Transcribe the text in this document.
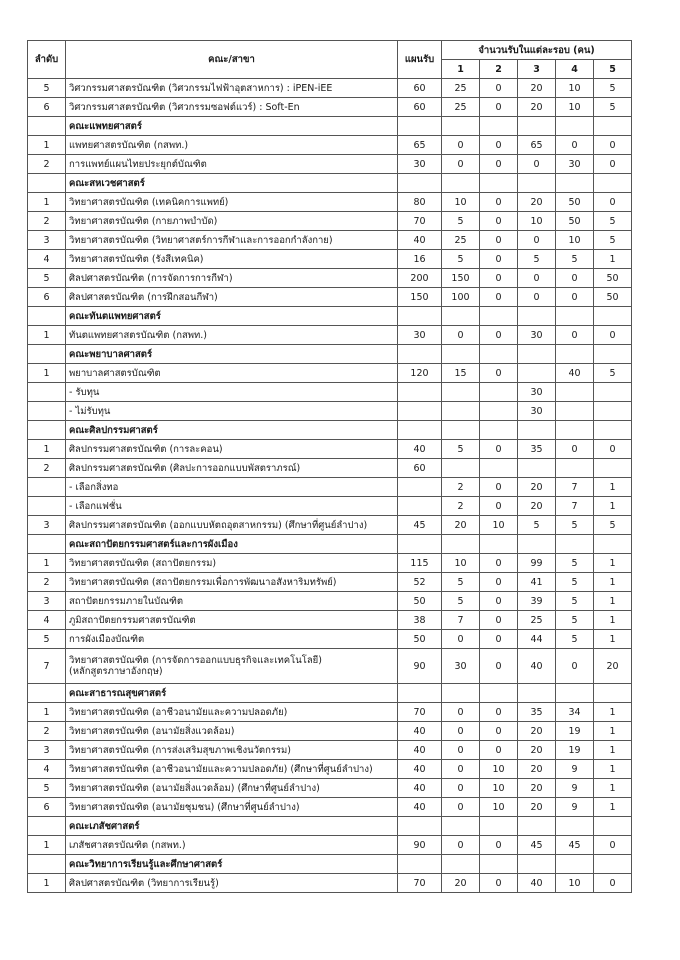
ลำดับ	คณะ/สาขา	แผนรับ	จำนวนรับในแต่ละรอบ (คน)				
			1	2	3	4	5
5	วิศวกรรมศาสตรบัณฑิต (วิศวกรรมไฟฟ้าอุตสาหการ) : iPEN-iEE	60	25	0	20	10	5
6	วิศวกรรมศาสตรบัณฑิต (วิศวกรรมซอฟต์แวร์) : Soft-En	60	25	0	20	10	5
	คณะแพทยศาสตร์						
1	แพทยศาสตรบัณฑิต (กสพท.)	65	0	0	65	0	0
2	การแพทย์แผนไทยประยุกต์บัณฑิต	30	0	0	0	30	0
	คณะสหเวชศาสตร์						
1	วิทยาศาสตรบัณฑิต (เทคนิคการแพทย์)	80	10	0	20	50	0
2	วิทยาศาสตรบัณฑิต (กายภาพบำบัด)	70	5	0	10	50	5
3	วิทยาศาสตรบัณฑิต (วิทยาศาสตร์การกีฬาและการออกกำลังกาย)	40	25	0	0	10	5
4	วิทยาศาสตรบัณฑิต (รังสีเทคนิค)	16	5	0	5	5	1
5	ศิลปศาสตรบัณฑิต (การจัดการการกีฬา)	200	150	0	0	0	50
6	ศิลปศาสตรบัณฑิต (การฝึกสอนกีฬา)	150	100	0	0	0	50
	คณะทันตแพทยศาสตร์						
1	ทันตแพทยศาสตรบัณฑิต (กสพท.)	30	0	0	30	0	0
	คณะพยาบาลศาสตร์						
1	พยาบาลศาสตรบัณฑิต	120	15	0		40	5
	- รับทุน				30		
	- ไม่รับทุน				30		
	คณะศิลปกรรมศาสตร์						
1	ศิลปกรรมศาสตรบัณฑิต (การละคอน)	40	5	0	35	0	0
2	ศิลปกรรมศาสตรบัณฑิต (ศิลปะการออกแบบพัสตราภรณ์)	60					
	- เลือกสิ่งทอ		2	0	20	7	1
	- เลือกแฟชั่น		2	0	20	7	1
3	ศิลปกรรมศาสตรบัณฑิต (ออกแบบหัตถอุตสาหกรรม) (ศึกษาที่ศูนย์ลำปาง)	45	20	10	5	5	5
	คณะสถาปัตยกรรมศาสตร์และการผังเมือง						
1	วิทยาศาสตรบัณฑิต (สถาปัตยกรรม)	115	10	0	99	5	1
2	วิทยาศาสตรบัณฑิต (สถาปัตยกรรมเพื่อการพัฒนาอสังหาริมทรัพย์)	52	5	0	41	5	1
3	สถาปัตยกรรมภายในบัณฑิต	50	5	0	39	5	1
4	ภูมิสถาปัตยกรรมศาสตรบัณฑิต	38	7	0	25	5	1
5	การผังเมืองบัณฑิต	50	0	0	44	5	1
7	วิทยาศาสตรบัณฑิต (การจัดการออกแบบธุรกิจและเทคโนโลยี)
(หลักสูตรภาษาอังกฤษ)	90	30	0	40	0	20
	คณะสาธารณสุขศาสตร์						
1	วิทยาศาสตรบัณฑิต (อาชีวอนามัยและความปลอดภัย)	70	0	0	35	34	1
2	วิทยาศาสตรบัณฑิต (อนามัยสิ่งแวดล้อม)	40	0	0	20	19	1
3	วิทยาศาสตรบัณฑิต (การส่งเสริมสุขภาพเชิงนวัตกรรม)	40	0	0	20	19	1
4	วิทยาศาสตรบัณฑิต (อาชีวอนามัยและความปลอดภัย) (ศึกษาที่ศูนย์ลำปาง)	40	0	10	20	9	1
5	วิทยาศาสตรบัณฑิต (อนามัยสิ่งแวดล้อม) (ศึกษาที่ศูนย์ลำปาง)	40	0	10	20	9	1
6	วิทยาศาสตรบัณฑิต (อนามัยชุมชน) (ศึกษาที่ศูนย์ลำปาง)	40	0	10	20	9	1
	คณะเภสัชศาสตร์						
1	เภสัชศาสตรบัณฑิต (กสพท.)	90	0	0	45	45	0
	คณะวิทยาการเรียนรู้และศึกษาศาสตร์						
1	ศิลปศาสตรบัณฑิต (วิทยาการเรียนรู้)	70	20	0	40	10	0
